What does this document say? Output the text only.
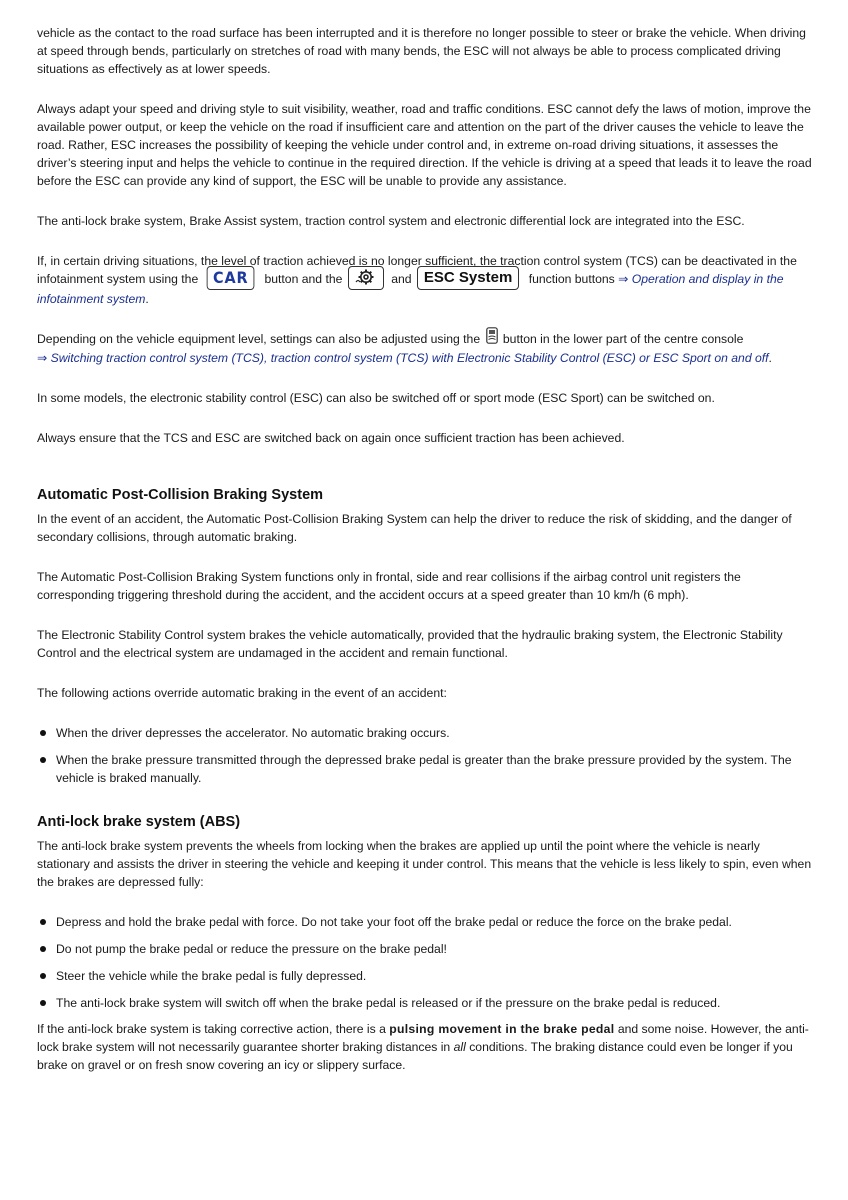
vehicle as the contact to the road surface has been interrupted and it is therefore no longer possible to steer or brake the vehicle. When driving at speed through bends, particularly on stretches of road with many bends, the ESC will not always be able to process complicated driving situations as effectively as at lower speeds.

Always adapt your speed and driving style to suit visibility, weather, road and traffic conditions. ESC cannot defy the laws of motion, improve the available power output, or keep the vehicle on the road if insufficient care and attention on the part of the driver causes the vehicle to leave the road. Rather, ESC increases the possibility of keeping the vehicle under control and, in extreme on-road driving situations, it assesses the driver’s steering input and helps the vehicle to continue in the required direction. If the vehicle is driving at a speed that leads it to leave the road before the ESC can provide any kind of support, the ESC will be unable to provide any assistance.

The anti-lock brake system, Brake Assist system, traction control system and electronic differential lock are integrated into the ESC.

If, in certain driving situations, the level of traction achieved is no longer sufficient, the traction control system (TCS) can be deactivated in the infotainment system using the CAR button and the	and ESC System function buttons ⇒ Operation and display in the infotainment system.

Depending on the vehicle equipment level, settings can also be adjusted using the button in the lower part of the centre console
⇒ Switching traction control system (TCS), traction control system (TCS) with Electronic Stability Control (ESC) or ESC Sport on and off.

In some models, the electronic stability control (ESC) can also be switched off or sport mode (ESC Sport) can be switched on.

Always ensure that the TCS and ESC are switched back on again once sufficient traction has been achieved.

Automatic Post-Collision Braking System

In the event of an accident, the Automatic Post-Collision Braking System can help the driver to reduce the risk of skidding, and the danger of secondary collisions, through automatic braking.

The Automatic Post-Collision Braking System functions only in frontal, side and rear collisions if the airbag control unit registers the corresponding triggering threshold during the accident, and the accident occurs at a speed greater than 10 km/h (6 mph).

The Electronic Stability Control system brakes the vehicle automatically, provided that the hydraulic braking system, the Electronic Stability Control and the electrical system are undamaged in the accident and remain functional.

The following actions override automatic braking in the event of an accident:

When the driver depresses the accelerator. No automatic braking occurs.
When the brake pressure transmitted through the depressed brake pedal is greater than the brake pressure provided by the system. The vehicle is braked manually.
Anti-lock brake system (ABS)

The anti-lock brake system prevents the wheels from locking when the brakes are applied up until the point where the vehicle is nearly stationary and assists the driver in steering the vehicle and keeping it under control. This means that the vehicle is less likely to spin, even when the brakes are depressed fully:

Depress and hold the brake pedal with force. Do not take your foot off the brake pedal or reduce the force on the brake pedal.
Do not pump the brake pedal or reduce the pressure on the brake pedal!
Steer the vehicle while the brake pedal is fully depressed.
The anti-lock brake system will switch off when the brake pedal is released or if the pressure on the brake pedal is reduced.

If the anti-lock brake system is taking corrective action, there is a pulsing movement in the brake pedal and some noise. However, the anti-lock brake system will not necessarily guarantee shorter braking distances in all conditions. The braking distance could even be longer if you brake on gravel or on fresh snow covering an icy or slippery surface.
